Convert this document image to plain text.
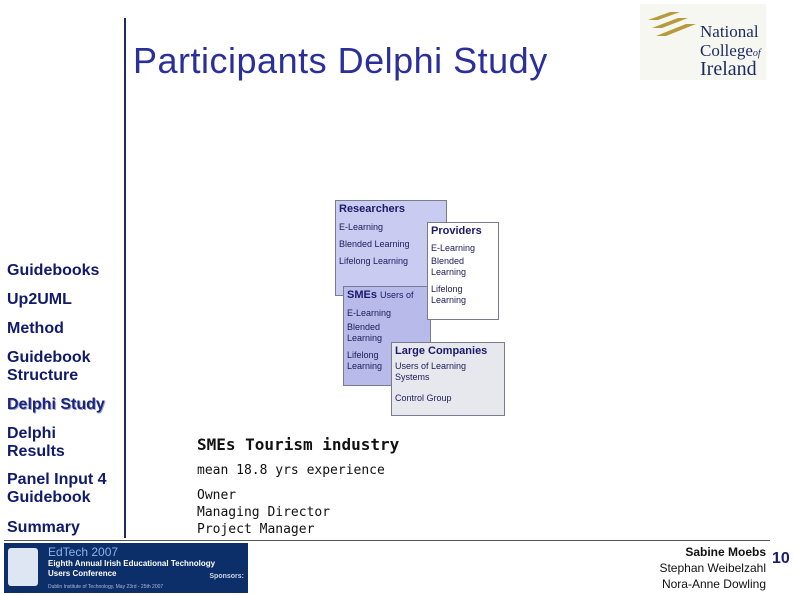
Participants Delphi Study
National
Collegeof
Ireland
Guidebooks
Up2UML
Method
Guidebook Structure
Delphi Study
Delphi Results
Panel Input 4 Guidebook
Summary
Researchers
E-Learning
Blended Learning
Lifelong Learning
SMEs Users of
E-Learning
Blended Learning
Lifelong Learning
Providers
E-Learning
Blended Learning
Lifelong Learning
Large Companies
Users of Learning Systems
Control Group
SMEs Tourism industry
mean 18.8 yrs experience
Owner
Managing Director
Project Manager
EdTech 2007
Eighth Annual Irish Educational Technology
Users Conference
Dublin Institute of Technology, May 23rd - 25th 2007
Sponsors:
Sabine Moebs
Stephan Weibelzahl
Nora-Anne Dowling
10
